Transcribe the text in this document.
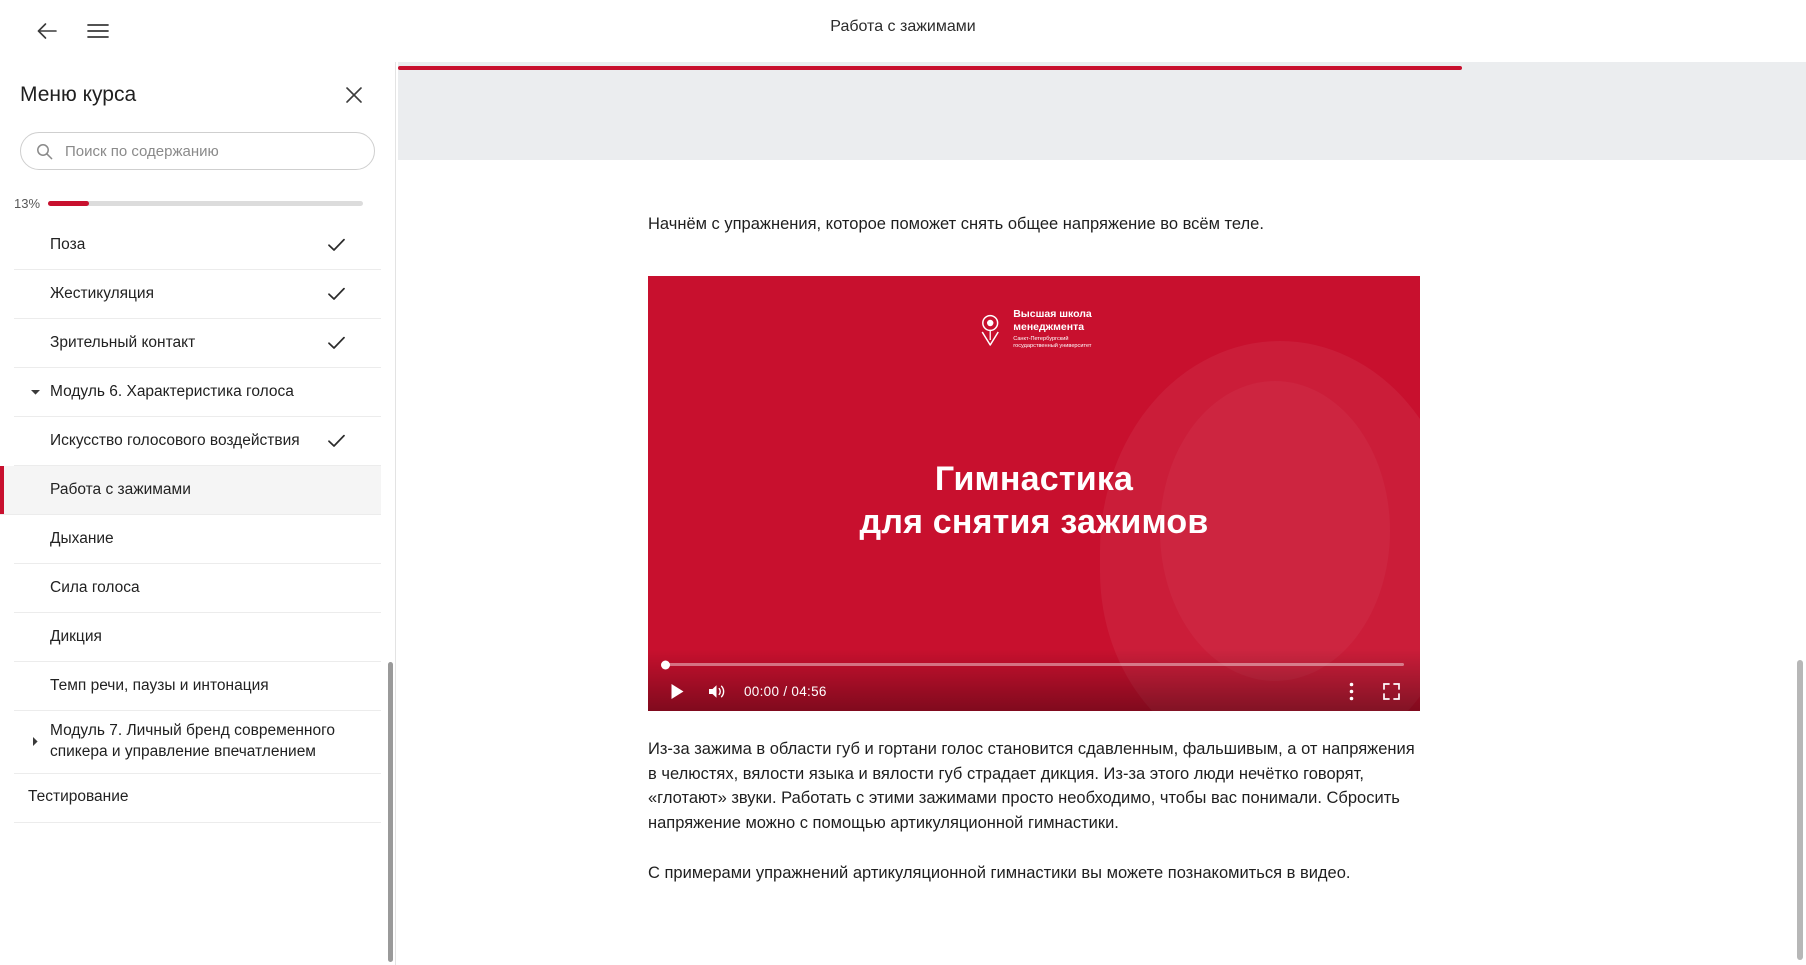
Работа с зажимами
Меню курса
Поиск по содержанию
13%
Поза
Жестикуляция
Зрительный контакт
Модуль 6. Характеристика голоса
Искусство голосового воздействия
Работа с зажимами
Дыхание
Сила голоса
Дикция
Темп речи, паузы и интонация
Модуль 7. Личный бренд современного спикера и управление впечатлением
Тестирование

Начнём с упражнения, которое поможет снять общее напряжение во всём теле.

Высшая школа
менеджмента
Санкт-Петербургский
государственный университет
Гимнастика
для снятия зажимов
00:00 / 04:56

Из-за зажима в области губ и гортани голос становится сдавленным, фальшивым, а от напряжения в челюстях, вялости языка и вялости губ страдает дикция. Из-за этого люди нечётко говорят, «глотают» звуки. Работать с этими зажимами просто необходимо, чтобы вас понимали. Сбросить напряжение можно с помощью артикуляционной гимнастики.

С примерами упражнений артикуляционной гимнастики вы можете познакомиться в видео.
